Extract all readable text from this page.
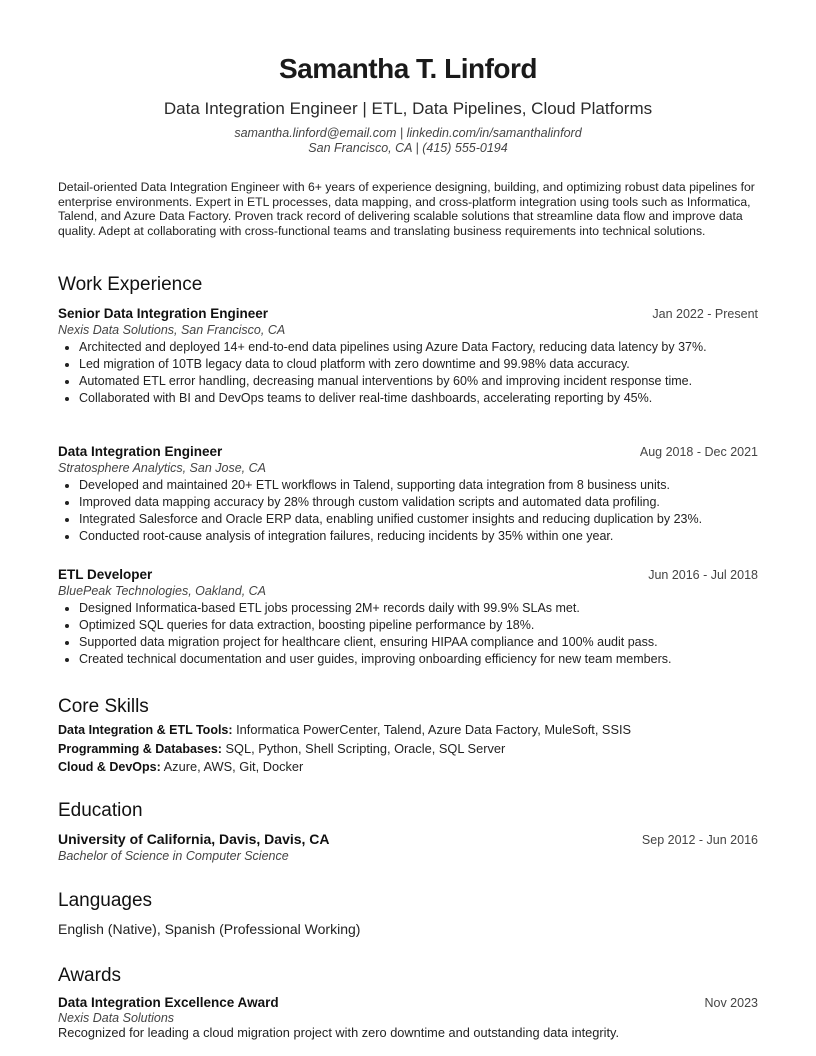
Samantha T. Linford
Data Integration Engineer | ETL, Data Pipelines, Cloud Platforms
samantha.linford@email.com | linkedin.com/in/samanthalinford
San Francisco, CA | (415) 555-0194
Detail-oriented Data Integration Engineer with 6+ years of experience designing, building, and optimizing robust data pipelines for enterprise environments. Expert in ETL processes, data mapping, and cross-platform integration using tools such as Informatica, Talend, and Azure Data Factory. Proven track record of delivering scalable solutions that streamline data flow and improve data quality. Adept at collaborating with cross-functional teams and translating business requirements into technical solutions.
Work Experience
Senior Data Integration Engineer	Jan 2022 - Present
Nexis Data Solutions, San Francisco, CA
• Architected and deployed 14+ end-to-end data pipelines using Azure Data Factory, reducing data latency by 37%.
• Led migration of 10TB legacy data to cloud platform with zero downtime and 99.98% data accuracy.
• Automated ETL error handling, decreasing manual interventions by 60% and improving incident response time.
• Collaborated with BI and DevOps teams to deliver real-time dashboards, accelerating reporting by 45%.
Data Integration Engineer	Aug 2018 - Dec 2021
Stratosphere Analytics, San Jose, CA
• Developed and maintained 20+ ETL workflows in Talend, supporting data integration from 8 business units.
• Improved data mapping accuracy by 28% through custom validation scripts and automated data profiling.
• Integrated Salesforce and Oracle ERP data, enabling unified customer insights and reducing duplication by 23%.
• Conducted root-cause analysis of integration failures, reducing incidents by 35% within one year.
ETL Developer	Jun 2016 - Jul 2018
BluePeak Technologies, Oakland, CA
• Designed Informatica-based ETL jobs processing 2M+ records daily with 99.9% SLAs met.
• Optimized SQL queries for data extraction, boosting pipeline performance by 18%.
• Supported data migration project for healthcare client, ensuring HIPAA compliance and 100% audit pass.
• Created technical documentation and user guides, improving onboarding efficiency for new team members.
Core Skills
Data Integration & ETL Tools: Informatica PowerCenter, Talend, Azure Data Factory, MuleSoft, SSIS
Programming & Databases: SQL, Python, Shell Scripting, Oracle, SQL Server
Cloud & DevOps: Azure, AWS, Git, Docker
Education
University of California, Davis, Davis, CA	Sep 2012 - Jun 2016
Bachelor of Science in Computer Science
Languages
English (Native), Spanish (Professional Working)
Awards
Data Integration Excellence Award	Nov 2023
Nexis Data Solutions
Recognized for leading a cloud migration project with zero downtime and outstanding data integrity.
